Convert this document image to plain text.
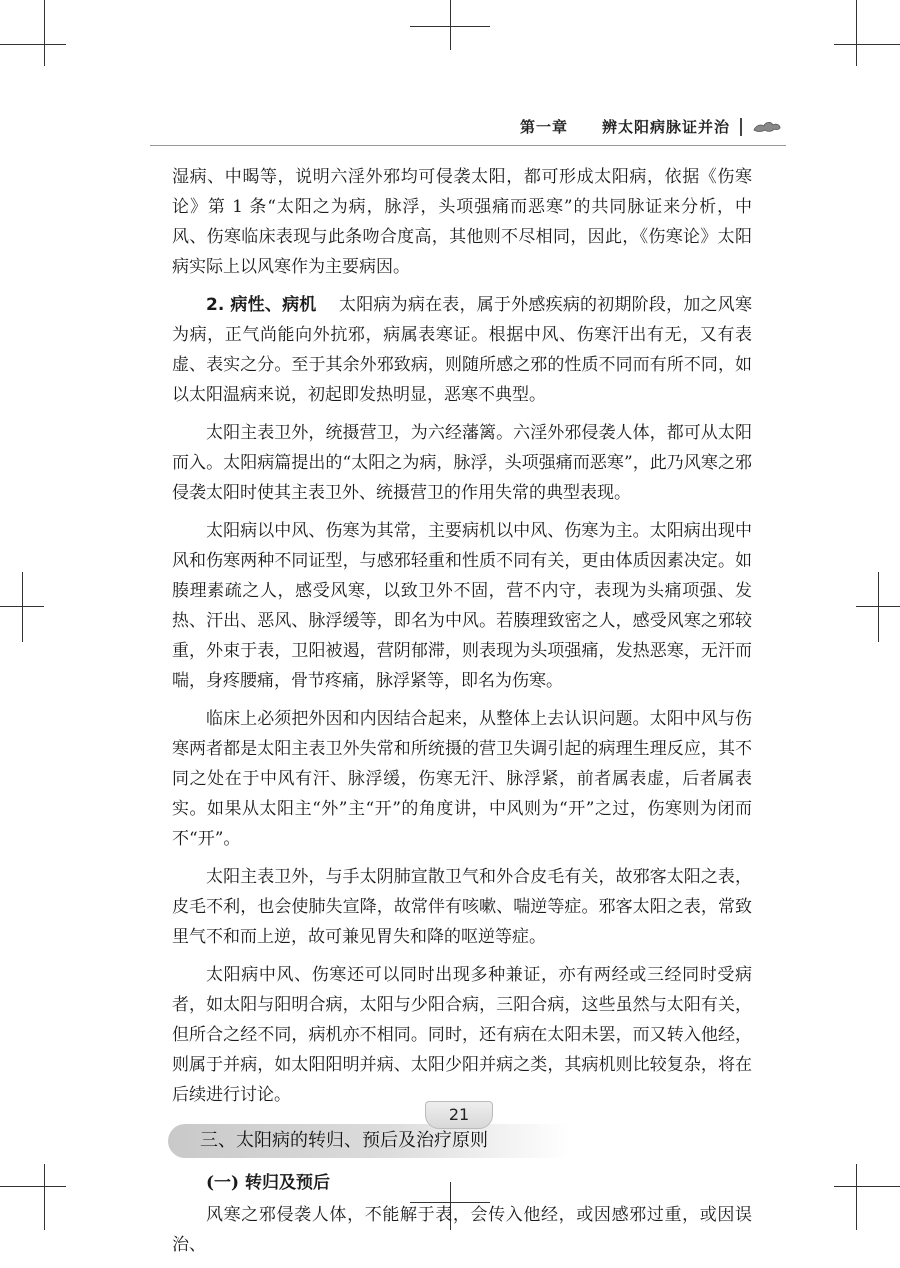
第一章 辨太阳病脉证并治

湿病、中暍等，说明六淫外邪均可侵袭太阳，都可形成太阳病，依据《伤寒论》第 1 条“太阳之为病，脉浮，头项强痛而恶寒”的共同脉证来分析，中风、伤寒临床表现与此条吻合度高，其他则不尽相同，因此，《伤寒论》太阳病实际上以风寒作为主要病因。

2. 病性、病机 太阳病为病在表，属于外感疾病的初期阶段，加之风寒为病，正气尚能向外抗邪，病属表寒证。根据中风、伤寒汗出有无，又有表虚、表实之分。至于其余外邪致病，则随所感之邪的性质不同而有所不同，如以太阳温病来说，初起即发热明显，恶寒不典型。

太阳主表卫外，统摄营卫，为六经藩篱。六淫外邪侵袭人体，都可从太阳而入。太阳病篇提出的“太阳之为病，脉浮，头项强痛而恶寒”，此乃风寒之邪侵袭太阳时使其主表卫外、统摄营卫的作用失常的典型表现。

太阳病以中风、伤寒为其常，主要病机以中风、伤寒为主。太阳病出现中风和伤寒两种不同证型，与感邪轻重和性质不同有关，更由体质因素决定。如腠理素疏之人，感受风寒，以致卫外不固，营不内守，表现为头痛项强、发热、汗出、恶风、脉浮缓等，即名为中风。若腠理致密之人，感受风寒之邪较重，外束于表，卫阳被遏，营阴郁滞，则表现为头项强痛，发热恶寒，无汗而喘，身疼腰痛，骨节疼痛，脉浮紧等，即名为伤寒。

临床上必须把外因和内因结合起来，从整体上去认识问题。太阳中风与伤寒两者都是太阳主表卫外失常和所统摄的营卫失调引起的病理生理反应，其不同之处在于中风有汗、脉浮缓，伤寒无汗、脉浮紧，前者属表虚，后者属表实。如果从太阳主“外”主“开”的角度讲，中风则为“开”之过，伤寒则为闭而不“开”。

太阳主表卫外，与手太阴肺宣散卫气和外合皮毛有关，故邪客太阳之表，皮毛不利，也会使肺失宣降，故常伴有咳嗽、喘逆等症。邪客太阳之表，常致里气不和而上逆，故可兼见胃失和降的呕逆等症。

太阳病中风、伤寒还可以同时出现多种兼证，亦有两经或三经同时受病者，如太阳与阳明合病，太阳与少阳合病，三阳合病，这些虽然与太阳有关，但所合之经不同，病机亦不相同。同时，还有病在太阳未罢，而又转入他经，则属于并病，如太阳阳明并病、太阳少阳并病之类，其病机则比较复杂，将在后续进行讨论。

三、太阳病的转归、预后及治疗原则
(一) 转归及预后

风寒之邪侵袭人体，不能解于表，会传入他经，或因感邪过重，或因误治、

21
